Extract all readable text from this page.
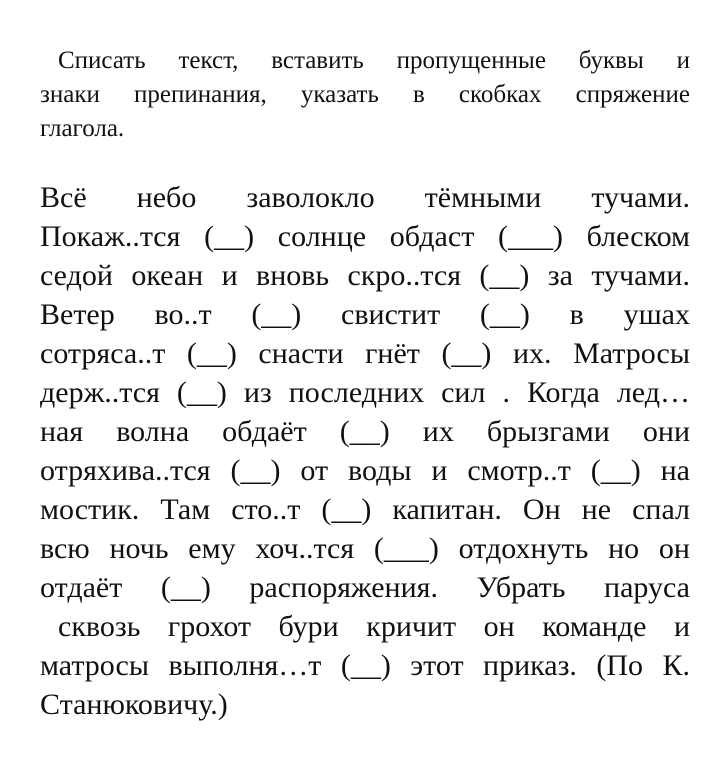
Списать текст, вставить пропущенные буквы и
знаки препинания, указать в скобках спряжение
глагола.
Всё небо заволокло тёмными тучами.
Покаж..тся (__) солнце обдаст (___) блеском
седой океан и вновь скро..тся (__) за тучами.
Ветер во..т (__) свистит (__) в ушах
сотряса..т (__) снасти гнёт (__) их. Матросы
держ..тся (__) из последних сил . Когда лед…
ная волна обдаёт (__) их брызгами они
отряхива..тся (__) от воды и смотр..т (__) на
мостик. Там сто..т (__) капитан. Он не спал
всю ночь ему хоч..тся (___) отдохнуть но он
отдаёт (__) распоряжения. Убрать паруса
сквозь грохот бури кричит он команде и
матросы выполня…т (__) этот приказ. (По К.
Станюковичу.)
